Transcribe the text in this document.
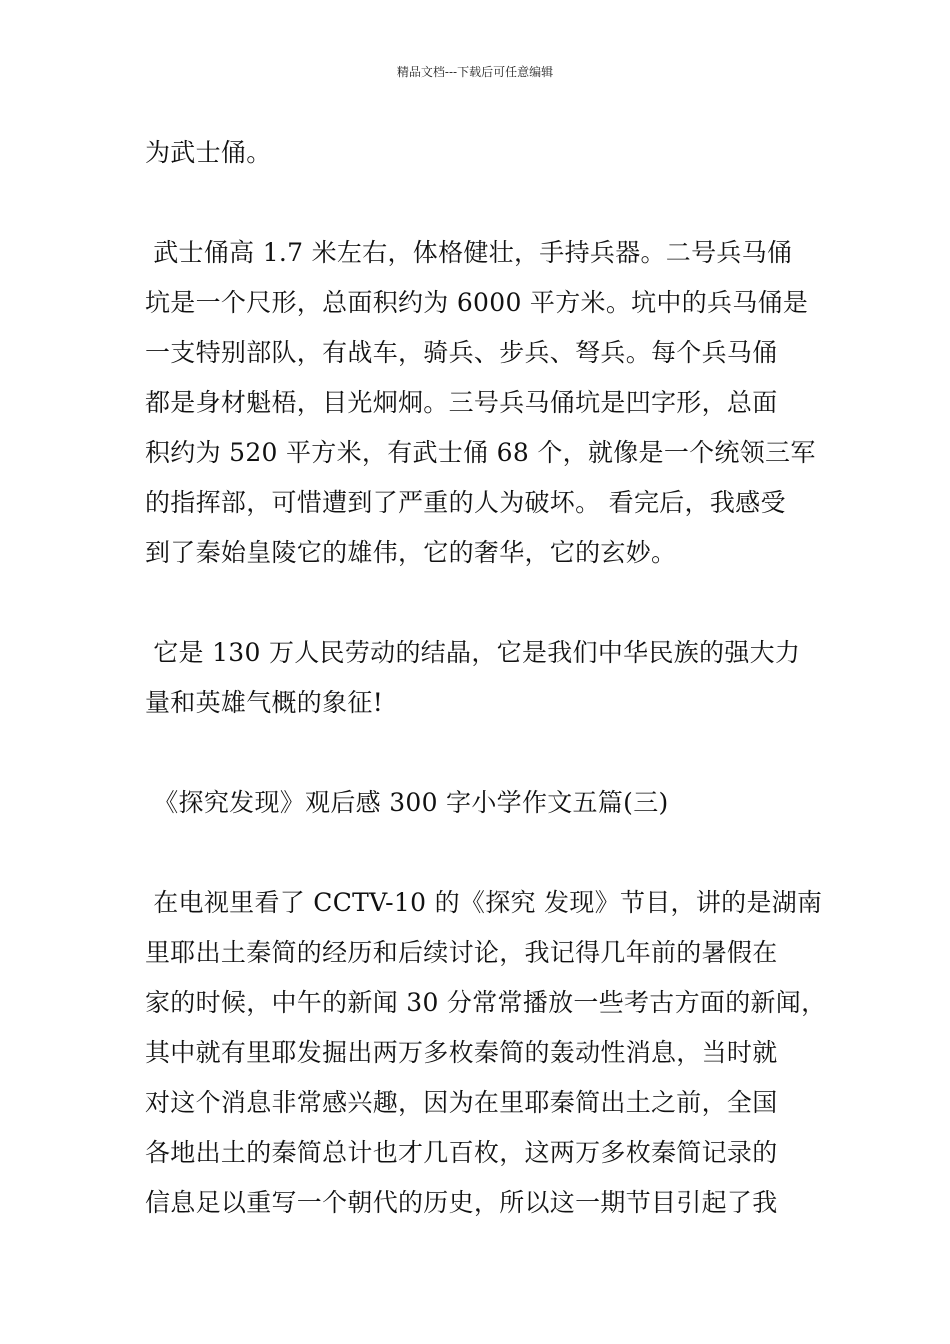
精品文档---下载后可任意编辑
为武士俑。
武士俑高 1.7 米左右，体格健壮，手持兵器。二号兵马俑
坑是一个尺形，总面积约为 6000 平方米。坑中的兵马俑是
一支特别部队，有战车，骑兵、步兵、弩兵。每个兵马俑
都是身材魁梧，目光炯炯。三号兵马俑坑是凹字形，总面
积约为 520 平方米，有武士俑 68 个，就像是一个统领三军
的指挥部，可惜遭到了严重的人为破坏。 看完后，我感受
到了秦始皇陵它的雄伟，它的奢华，它的玄妙。
它是 130 万人民劳动的结晶，它是我们中华民族的强大力
量和英雄气概的象征!
《探究发现》观后感 300 字小学作文五篇(三)
在电视里看了 CCTV-10 的《探究 发现》节目，讲的是湖南
里耶出土秦简的经历和后续讨论，我记得几年前的暑假在
家的时候，中午的新闻 30 分常常播放一些考古方面的新闻，
其中就有里耶发掘出两万多枚秦简的轰动性消息，当时就
对这个消息非常感兴趣，因为在里耶秦简出土之前，全国
各地出土的秦简总计也才几百枚，这两万多枚秦简记录的
信息足以重写一个朝代的历史，所以这一期节目引起了我
